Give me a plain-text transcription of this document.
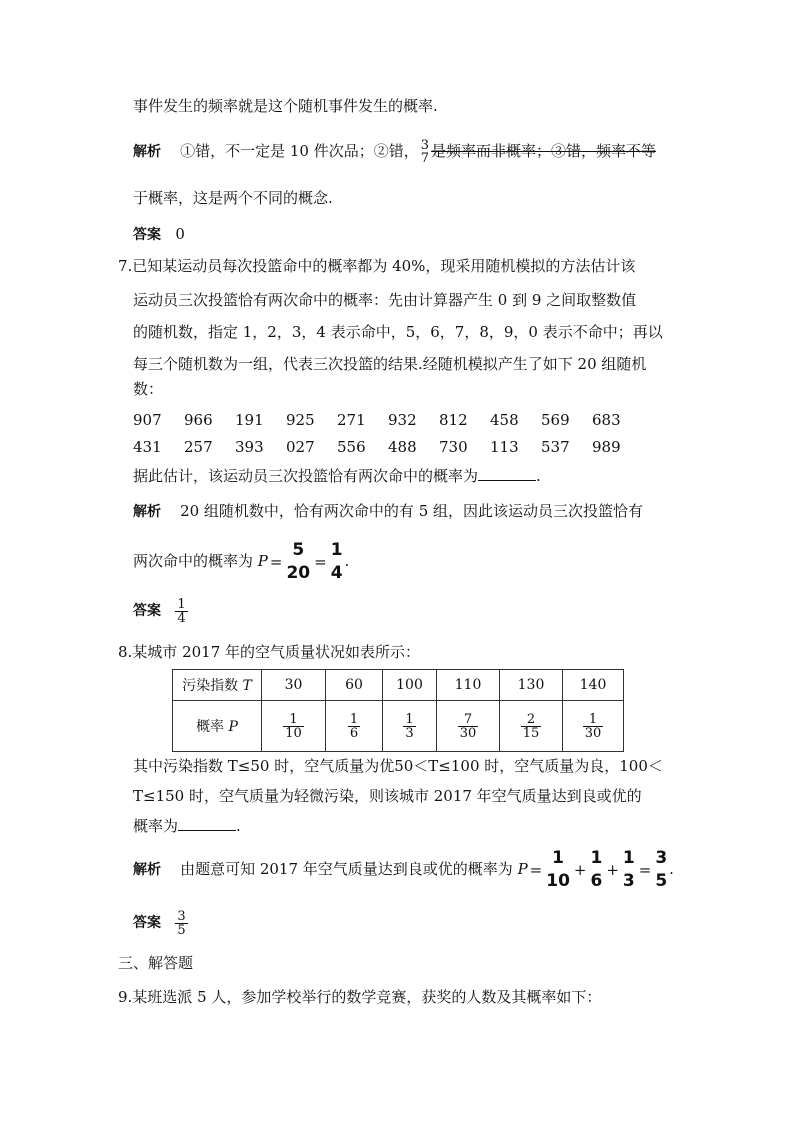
事件发生的频率就是这个随机事件发生的概率.
解析 ①错，不一定是 10 件次品；②错， 3
7 是频率而非概率；③错，频率不等
于概率，这是两个不同的概念.
答案 0
7.已知某运动员每次投篮命中的概率都为 40%，现采用随机模拟的方法估计该
运动员三次投篮恰有两次命中的概率：先由计算器产生 0 到 9 之间取整数值
的随机数，指定 1，2，3，4 表示命中，5，6，7，8，9，0 表示不命中；再以
每三个随机数为一组，代表三次投篮的结果.经随机模拟产生了如下 20 组随机
数：
907 966 191 925 271 932 812 458 569 683
431 257 393 027 556 488 730 113 537 989
据此估计，该运动员三次投篮恰有两次命中的概率为	.
解析 20 组随机数中，恰有两次命中的有 5 组，因此该运动员三次投篮恰有
两次命中的概率为 P =
5
20
=
1
4
.
答案 $\frac{1}{4}$
8.某城市 2017 年的空气质量状况如表所示：
污染指数 T	30	60	100	110	130	140
概率 P	$\frac{1}{10}$	$\frac{1}{6}$	$\frac{1}{3}$	$\frac{7}{30}$	$\frac{2}{15}$	$\frac{1}{30}$
其中污染指数 T≤50 时，空气质量为优50＜T≤100 时，空气质量为良，100＜
T≤150 时，空气质量为轻微污染，则该城市 2017 年空气质量达到良或优的
概率为	.
解析 由题意可知 2017 年空气质量达到良或优的概率为 P =
1
10
+
1
6
+
1
3
=
3
5
.
答案 $\frac{3}{5}$
三、解答题
9.某班选派 5 人，参加学校举行的数学竞赛，获奖的人数及其概率如下：
